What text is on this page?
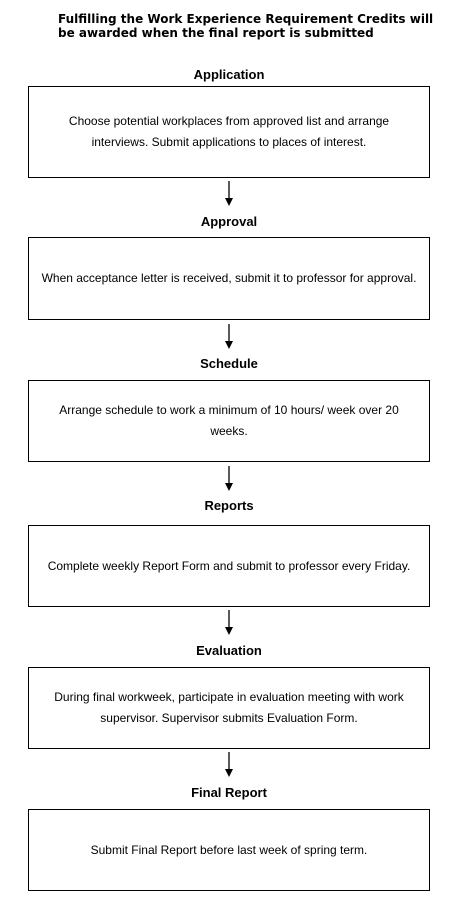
Fulfilling the Work Experience Requirement Credits will
be awarded when the final report is submitted
Application
Choose potential workplaces from approved list and arrange interviews. Submit applications to places of interest.
Approval
When acceptance letter is received, submit it to professor for approval.
Schedule
Arrange schedule to work a minimum of 10 hours/ week over 20 weeks.
Reports
Complete weekly Report Form and submit to professor every Friday.
Evaluation
During final workweek, participate in evaluation meeting with work supervisor. Supervisor submits Evaluation Form.
Final Report
Submit Final Report before last week of spring term.
